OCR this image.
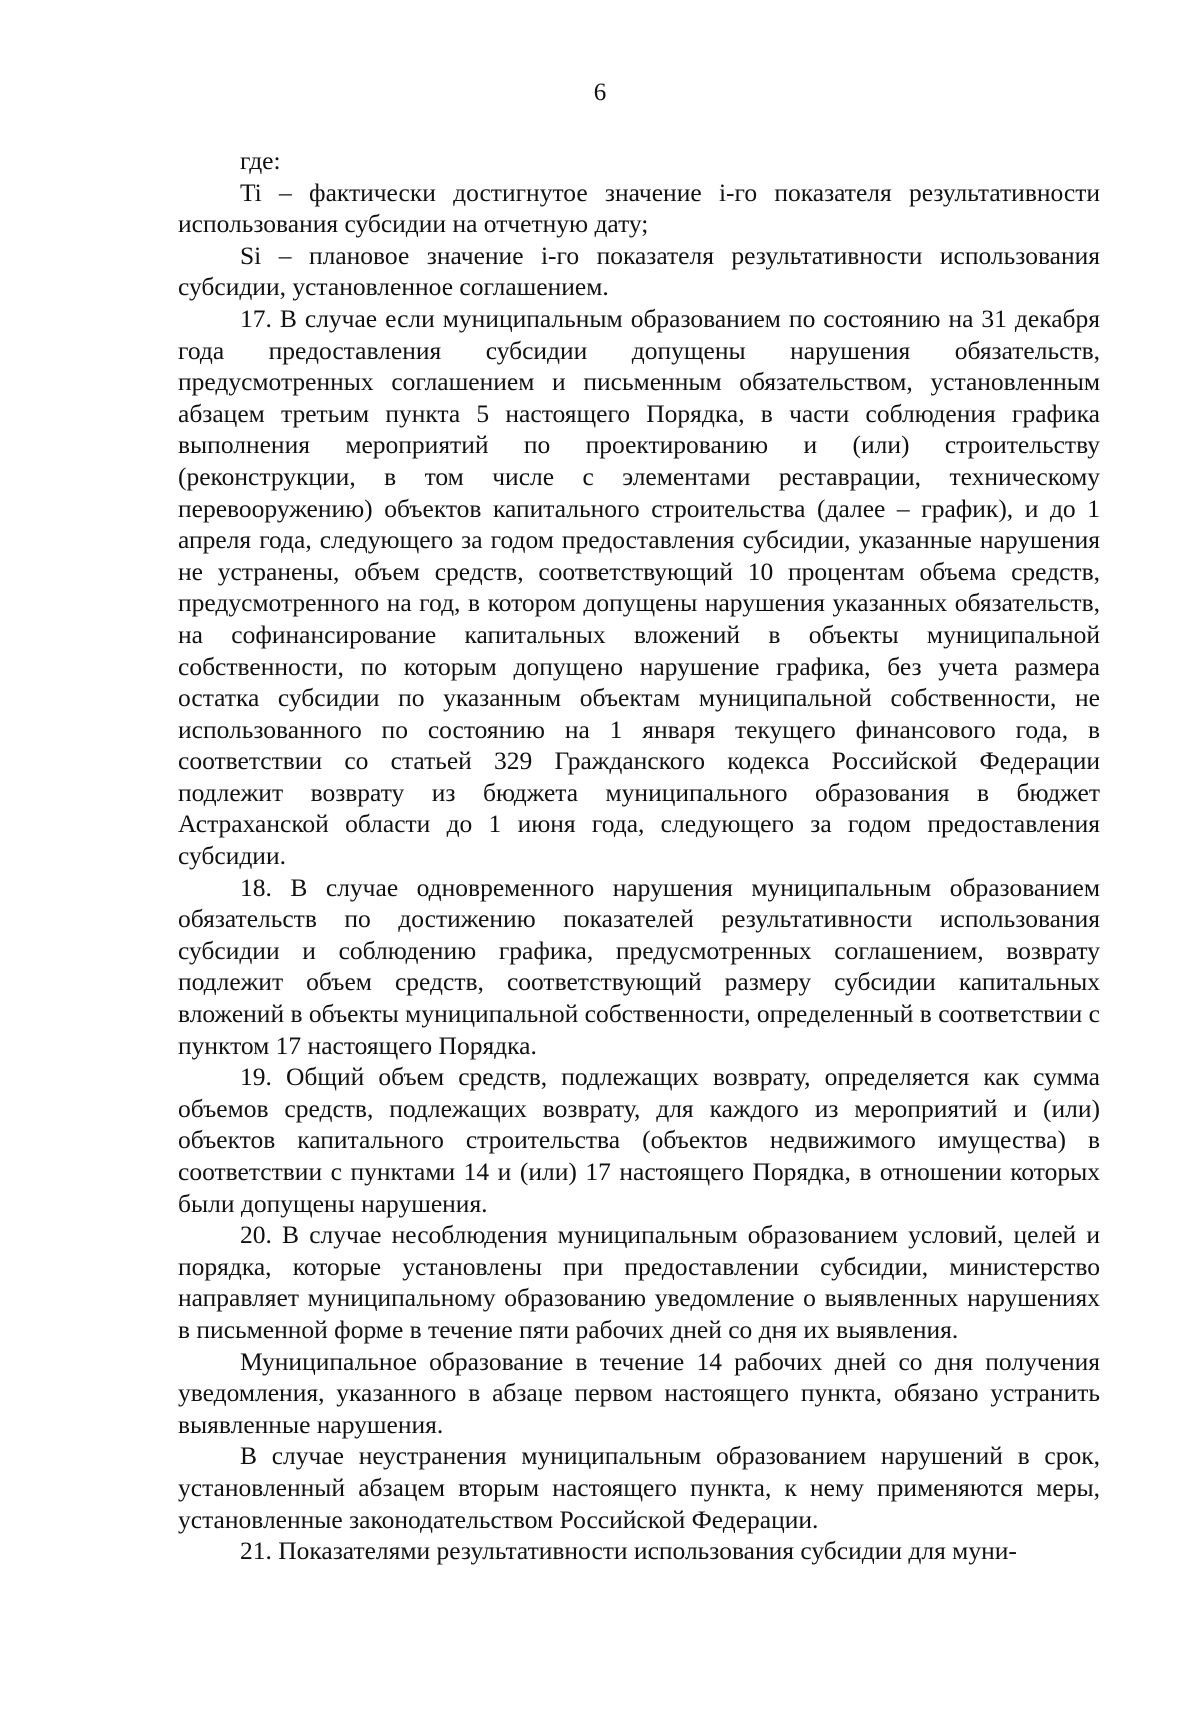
6

где:

Ti – фактически достигнутое значение i-го показателя результативности использования субсидии на отчетную дату;

Si – плановое значение i-го показателя результативности использования субсидии, установленное соглашением.

17. В случае если муниципальным образованием по состоянию на 31 декабря года предоставления субсидии допущены нарушения обязательств, предусмотренных соглашением и письменным обязательством, установленным абзацем третьим пункта 5 настоящего Порядка, в части соблюдения графика выполнения мероприятий по проектированию и (или) строительству (реконструкции, в том числе с элементами реставрации, техническому перевооружению) объектов капитального строительства (далее – график), и до 1 апреля года, следующего за годом предоставления субсидии, указанные нарушения не устранены, объем средств, соответствующий 10 процентам объема средств, предусмотренного на год, в котором допущены нарушения указанных обязательств, на софинансирование капитальных вложений в объекты муниципальной собственности, по которым допущено нарушение графика, без учета размера остатка субсидии по указанным объектам муниципальной собственности, не использованного по состоянию на 1 января текущего финансового года, в соответствии со статьей 329 Гражданского кодекса Российской Федерации подлежит возврату из бюджета муниципального образования в бюджет Астраханской области до 1 июня года, следующего за годом предоставления субсидии.

18. В случае одновременного нарушения муниципальным образованием обязательств по достижению показателей результативности использования субсидии и соблюдению графика, предусмотренных соглашением, возврату подлежит объем средств, соответствующий размеру субсидии капитальных вложений в объекты муниципальной собственности, определенный в соответствии с пунктом 17 настоящего Порядка.

19. Общий объем средств, подлежащих возврату, определяется как сумма объемов средств, подлежащих возврату, для каждого из мероприятий и (или) объектов капитального строительства (объектов недвижимого имущества) в соответствии с пунктами 14 и (или) 17 настоящего Порядка, в отношении которых были допущены нарушения.

20. В случае несоблюдения муниципальным образованием условий, целей и порядка, которые установлены при предоставлении субсидии, министерство направляет муниципальному образованию уведомление о выявленных нарушениях в письменной форме в течение пяти рабочих дней со дня их выявления.

Муниципальное образование в течение 14 рабочих дней со дня получения уведомления, указанного в абзаце первом настоящего пункта, обязано устранить выявленные нарушения.

В случае неустранения муниципальным образованием нарушений в срок, установленный абзацем вторым настоящего пункта, к нему применяются меры, установленные законодательством Российской Федерации.

21. Показателями результативности использования субсидии для муни-
